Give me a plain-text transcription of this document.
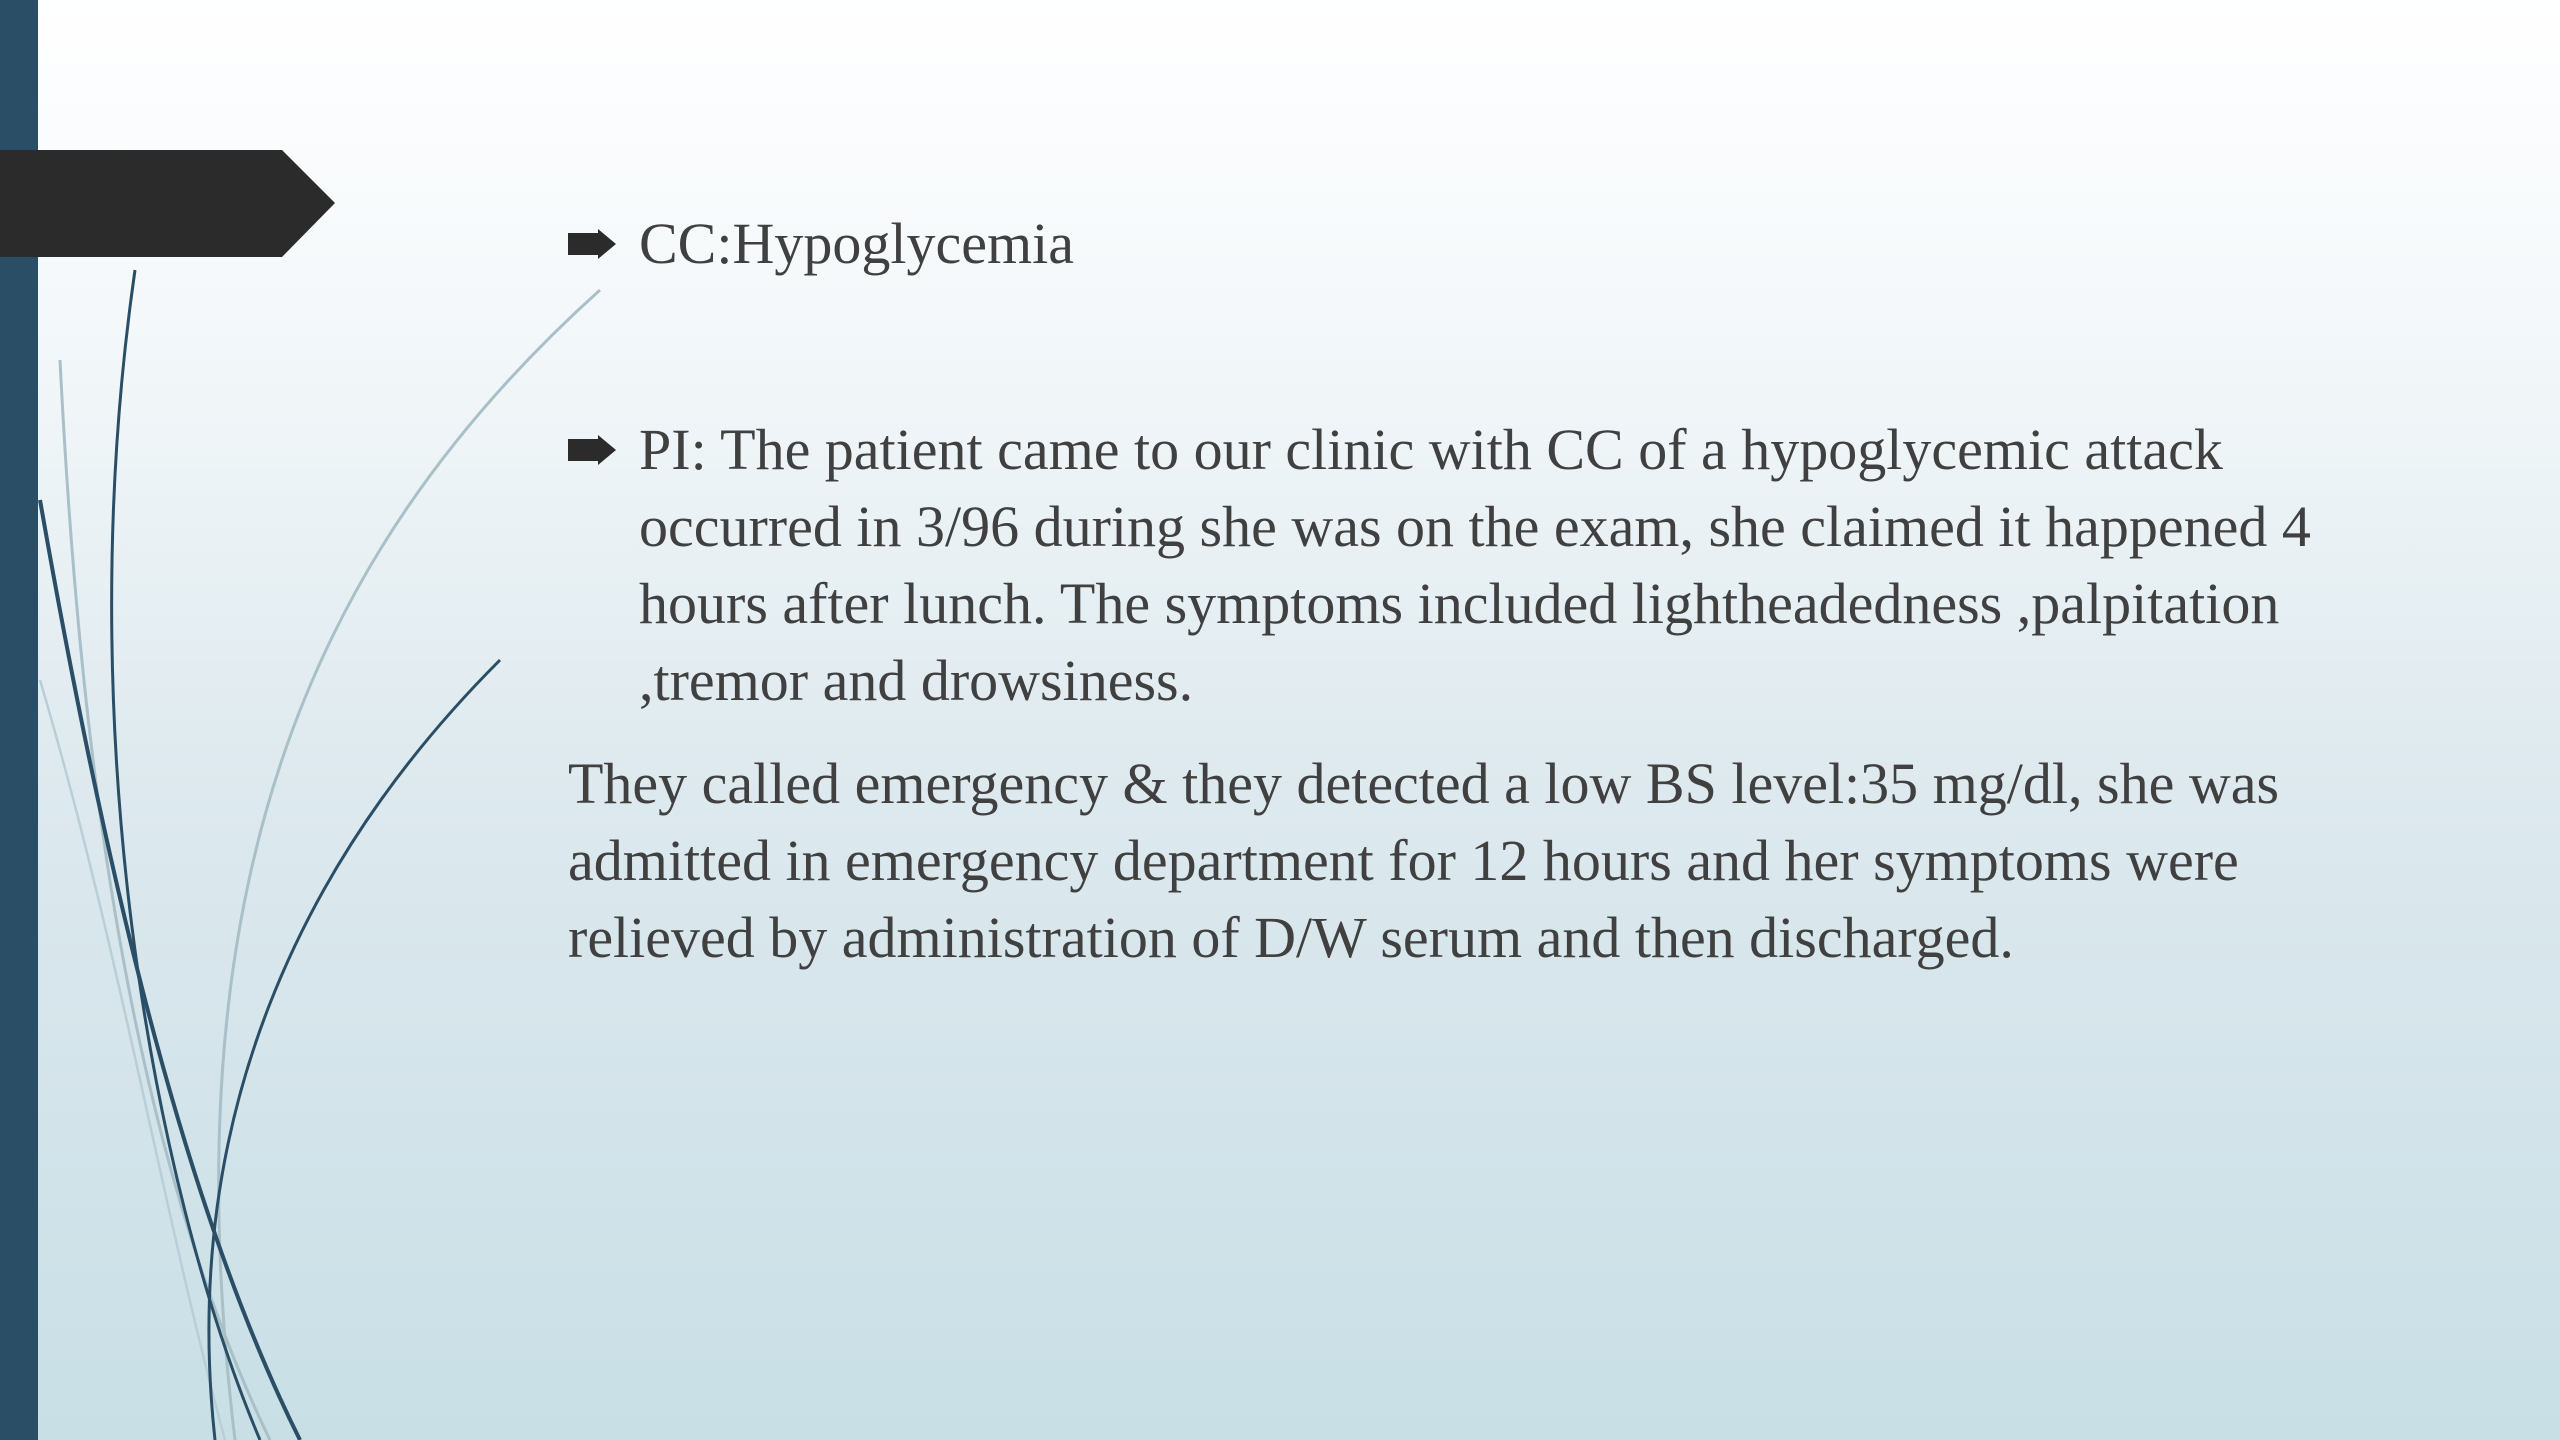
CC:Hypoglycemia
PI: The patient came to our clinic with CC of a hypoglycemic attack occurred in 3/96 during she was on the exam, she claimed it happened 4 hours after lunch. The symptoms included lightheadedness ,palpitation ,tremor and drowsiness.
They called emergency & they detected a low BS level:35 mg/dl, she was admitted in emergency department for 12 hours and her symptoms were relieved by administration of D/W serum and then discharged.
